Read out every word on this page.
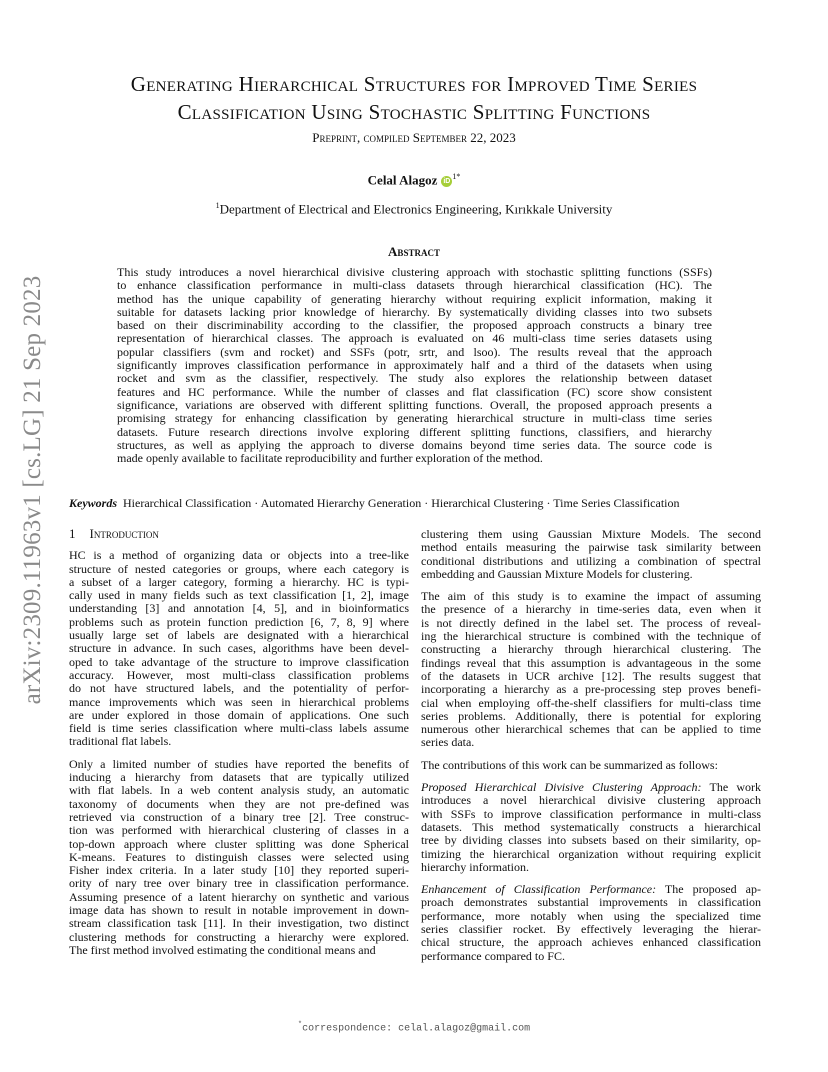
arXiv:2309.11963v1 [cs.LG] 21 Sep 2023
Generating Hierarchical Structures for Improved Time Series
Classification Using Stochastic Splitting Functions
Preprint, compiled September 22, 2023
Celal Alagoz $iD^{1*}$
$^1$Department of Electrical and Electronics Engineering, Kırıkkale University
Abstract
This study introduces a novel hierarchical divisive clustering approach with stochastic splitting functions (SSFs)
to enhance classification performance in multi-class datasets through hierarchical classification (HC). The
method has the unique capability of generating hierarchy without requiring explicit information, making it
suitable for datasets lacking prior knowledge of hierarchy. By systematically dividing classes into two subsets
based on their discriminability according to the classifier, the proposed approach constructs a binary tree
representation of hierarchical classes. The approach is evaluated on 46 multi-class time series datasets using
popular classifiers (svm and rocket) and SSFs (potr, srtr, and lsoo). The results reveal that the approach
significantly improves classification performance in approximately half and a third of the datasets when using
rocket and svm as the classifier, respectively. The study also explores the relationship between dataset
features and HC performance. While the number of classes and flat classification (FC) score show consistent
significance, variations are observed with different splitting functions. Overall, the proposed approach presents a
promising strategy for enhancing classification by generating hierarchical structure in multi-class time series
datasets. Future research directions involve exploring different splitting functions, classifiers, and hierarchy
structures, as well as applying the approach to diverse domains beyond time series data. The source code is
made openly available to facilitate reproducibility and further exploration of the method.
Keywords Hierarchical Classification · Automated Hierarchy Generation · Hierarchical Clustering · Time Series Classification
1 Introduction
HC is a method of organizing data or objects into a tree-like
structure of nested categories or groups, where each category is
a subset of a larger category, forming a hierarchy. HC is typi-
cally used in many fields such as text classification [1, 2], image
understanding [3] and annotation [4, 5], and in bioinformatics
problems such as protein function prediction [6, 7, 8, 9] where
usually large set of labels are designated with a hierarchical
structure in advance. In such cases, algorithms have been devel-
oped to take advantage of the structure to improve classification
accuracy. However, most multi-class classification problems
do not have structured labels, and the potentiality of perfor-
mance improvements which was seen in hierarchical problems
are under explored in those domain of applications. One such
field is time series classification where multi-class labels assume
traditional flat labels.
Only a limited number of studies have reported the benefits of
inducing a hierarchy from datasets that are typically utilized
with flat labels. In a web content analysis study, an automatic
taxonomy of documents when they are not pre-defined was
retrieved via construction of a binary tree [2]. Tree construc-
tion was performed with hierarchical clustering of classes in a
top-down approach where cluster splitting was done Spherical
K-means. Features to distinguish classes were selected using
Fisher index criteria. In a later study [10] they reported superi-
ority of nary tree over binary tree in classification performance.
Assuming presence of a latent hierarchy on synthetic and various
image data has shown to result in notable improvement in down-
stream classification task [11]. In their investigation, two distinct
clustering methods for constructing a hierarchy were explored.
The first method involved estimating the conditional means and
clustering them using Gaussian Mixture Models. The second
method entails measuring the pairwise task similarity between
conditional distributions and utilizing a combination of spectral
embedding and Gaussian Mixture Models for clustering.
The aim of this study is to examine the impact of assuming
the presence of a hierarchy in time-series data, even when it
is not directly defined in the label set. The process of reveal-
ing the hierarchical structure is combined with the technique of
constructing a hierarchy through hierarchical clustering. The
findings reveal that this assumption is advantageous in the some
of the datasets in UCR archive [12]. The results suggest that
incorporating a hierarchy as a pre-processing step proves benefi-
cial when employing off-the-shelf classifiers for multi-class time
series problems. Additionally, there is potential for exploring
numerous other hierarchical schemes that can be applied to time
series data.
The contributions of this work can be summarized as follows:
Proposed Hierarchical Divisive Clustering Approach: The work
introduces a novel hierarchical divisive clustering approach
with SSFs to improve classification performance in multi-class
datasets. This method systematically constructs a hierarchical
tree by dividing classes into subsets based on their similarity, op-
timizing the hierarchical organization without requiring explicit
hierarchy information.
Enhancement of Classification Performance: The proposed ap-
proach demonstrates substantial improvements in classification
performance, more notably when using the specialized time
series classifier rocket. By effectively leveraging the hierar-
chical structure, the approach achieves enhanced classification
performance compared to FC.
*correspondence: celal.alagoz@gmail.com
